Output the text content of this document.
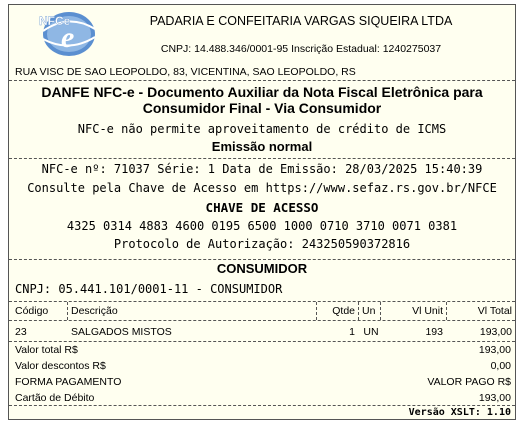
NFCe
e	PADARIA E CONFEITARIA VARGAS SIQUEIRA LTDA
CNPJ: 14.488.346/0001-95 Inscrição Estadual: 1240275037
RUA VISC DE SAO LEOPOLDO, 83, VICENTINA, SAO LEOPOLDO, RS
DANFE NFC-e - Documento Auxiliar da Nota Fiscal Eletrônica para
Consumidor Final - Via Consumidor
NFC-e não permite aproveitamento de crédito de ICMS
Emissão normal
NFC-e nº: 71037 Série: 1 Data de Emissão: 28/03/2025 15:40:39
Consulte pela Chave de Acesso em https://www.sefaz.rs.gov.br/NFCE
CHAVE DE ACESSO
4325 0314 4883 4600 0195 6500 1000 0710 3710 0071 0381
Protocolo de Autorização: 243250590372816
CONSUMIDOR
CNPJ: 05.441.101/0001-11 - CONSUMIDOR
Código	Descrição	Qtde Un	Vl Unit	Vl Total
23	SALGADOS MISTOS	1 UN	193	193,00
Valor total R$	193,00
Valor descontos R$	0,00
FORMA PAGAMENTO	VALOR PAGO R$
Cartão de Débito	193,00
Versão XSLT: 1.10
